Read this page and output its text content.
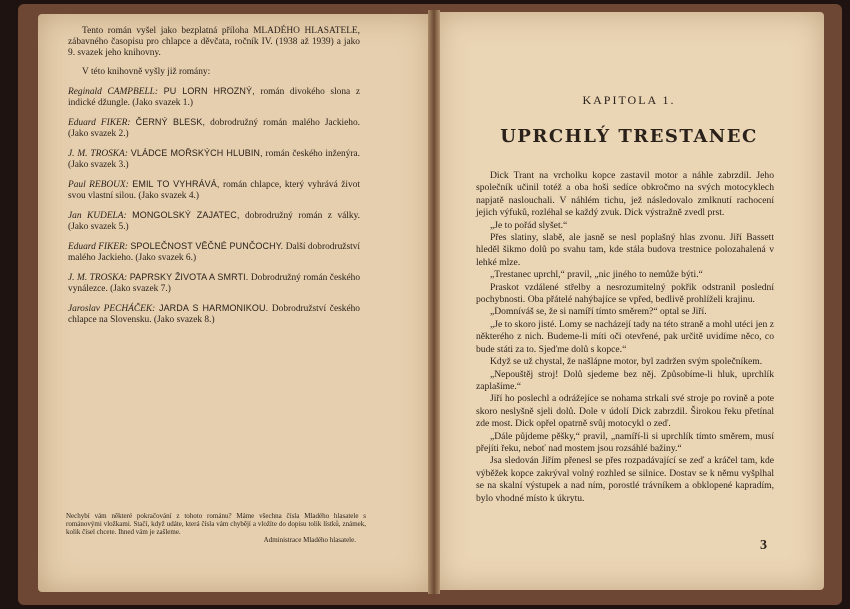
Tento román vyšel jako bezplatná příloha MLADÉHO HLASATELE, zábavného časopisu pro chlapce a děvčata, ročník IV. (1938 až 1939) a jako 9. svazek jeho knihovny.

V této knihovně vyšly již romány:

Reginald CAMPBELL: PU LORN HROZNÝ, román divokého slona z indické džungle. (Jako svazek 1.)

Eduard FIKER: ČERNÝ BLESK, dobrodružný román malého Jackieho. (Jako svazek 2.)

J. M. TROSKA: VLÁDCE MOŘSKÝCH HLUBIN, román českého inženýra. (Jako svazek 3.)

Paul REBOUX: EMIL TO VYHRÁVÁ, román chlapce, který vyhrává život svou vlastní silou. (Jako svazek 4.)

Jan KUDELA: MONGOLSKÝ ZAJATEC, dobrodružný román z války. (Jako svazek 5.)

Eduard FIKER: SPOLEČNOST VĚČNÉ PUNČOCHY. Další dobrodružství malého Jackieho. (Jako svazek 6.)

J. M. TROSKA: PAPRSKY ŽIVOTA A SMRTI. Dobrodružný román českého vynálezce. (Jako svazek 7.)

Jaroslav PECHÁČEK: JARDA S HARMONIKOU. Dobrodružství českého chlapce na Slovensku. (Jako svazek 8.)

Nechybí vám některé pokračování z tohoto románu? Máme všechna čísla Mladého hlasatele s románovými vložkami. Stačí, když udáte, která čísla vám chybějí a vložíte do dopisu tolik lístků, známek, kolik čísel chcete. Ihned vám je zašleme.
Administrace Mladého hlasatele.
KAPITOLA 1.
UPRCHLÝ TRESTANEC

Dick Trant na vrcholku kopce zastavil motor a náhle zabrzdil. Jeho společník učinil totéž a oba hoši sedíce obkročmo na svých motocyklech napjatě naslouchali. V náhlém tichu, jež následovalo zmlknutí rachocení jejich výfuků, rozléhal se každý zvuk. Dick výstražně zvedl prst.

„Je to pořád slyšet.“

Přes slatiny, slabě, ale jasně se nesl poplašný hlas zvonu. Jiří Bassett hleděl šikmo dolů po svahu tam, kde stála budova trestnice polozahalená v lehké mlze.

„Trestanec uprchl,“ pravil, „nic jiného to nemůže býti.“

Praskot vzdálené střelby a nesrozumitelný pokřik odstranil poslední pochybnosti. Oba přátelé nahýbajíce se vpřed, bedlivě prohlíželi krajinu.

„Domníváš se, že si namíří tímto směrem?“ optal se Jiří.

„Je to skoro jisté. Lomy se nacházejí tady na této straně a mohl utéci jen z některého z nich. Budeme-li míti oči otevřené, pak určitě uvidíme něco, co bude státi za to. Sjeďme dolů s kopce.“

Když se už chystal, že našlápne motor, byl zadržen svým společníkem.

„Nepouštěj stroj! Dolů sjedeme bez něj. Způsobíme-li hluk, uprchlík zaplašíme.“

Jiří ho poslechl a odrážejíce se nohama strkali své stroje po rovině a pote skoro neslyšně sjeli dolů. Dole v údolí Dick zabrzdil. Širokou řeku přetínal zde most. Dick opřel opatrně svůj motocykl o zeď.

„Dále půjdeme pěšky,“ pravil, „namíří-li si uprchlík tímto směrem, musí přejíti řeku, neboť nad mostem jsou rozsáhlé bažiny.“

Jsa sledován Jiřím přenesl se přes rozpadávající se zeď a kráčel tam, kde výběžek kopce zakrýval volný rozhled se silnice. Dostav se k němu vyšplhal se na skalní výstupek a nad ním, porostlé trávníkem a obklopené kapradím, bylo vhodné místo k úkrytu.

3
